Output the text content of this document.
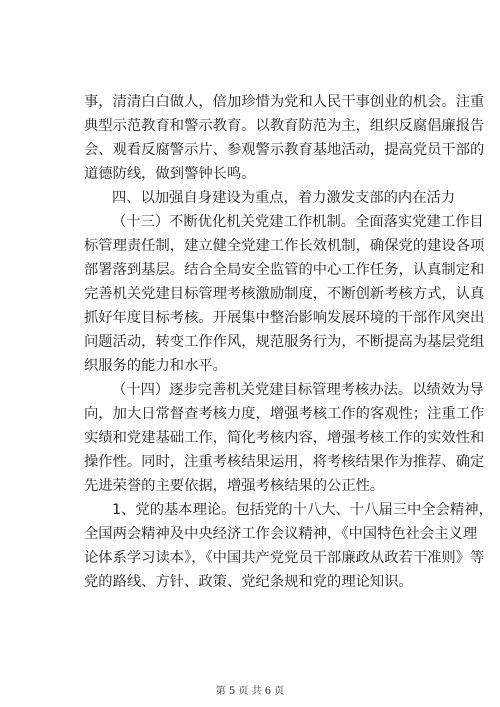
事，清清白白做人，倍加珍惜为党和人民干事创业的机会。注重
典型示范教育和警示教育。以教育防范为主，组织反腐倡廉报告
会、观看反腐警示片、参观警示教育基地活动，提高党员干部的
道德防线，做到警钟长鸣。
四、以加强自身建设为重点，着力激发支部的内在活力
（十三）不断优化机关党建工作机制。全面落实党建工作目
标管理责任制，建立健全党建工作长效机制，确保党的建设各项
部署落到基层。结合全局安全监管的中心工作任务，认真制定和
完善机关党建目标管理考核激励制度，不断创新考核方式，认真
抓好年度目标考核。开展集中整治影响发展环境的干部作风突出
问题活动，转变工作作风，规范服务行为，不断提高为基层党组
织服务的能力和水平。
（十四）逐步完善机关党建目标管理考核办法。以绩效为导
向，加大日常督查考核力度，增强考核工作的客观性；注重工作
实绩和党建基础工作，简化考核内容，增强考核工作的实效性和
操作性。同时，注重考核结果运用，将考核结果作为推荐、确定
先进荣誉的主要依据，增强考核结果的公正性。
1、党的基本理论。包括党的十八大、十八届三中全会精神，
全国两会精神及中央经济工作会议精神，《中国特色社会主义理
论体系学习读本》，《中国共产党党员干部廉政从政若干准则》等
党的路线、方针、政策、党纪条规和党的理论知识。
第 5 页 共 6 页
